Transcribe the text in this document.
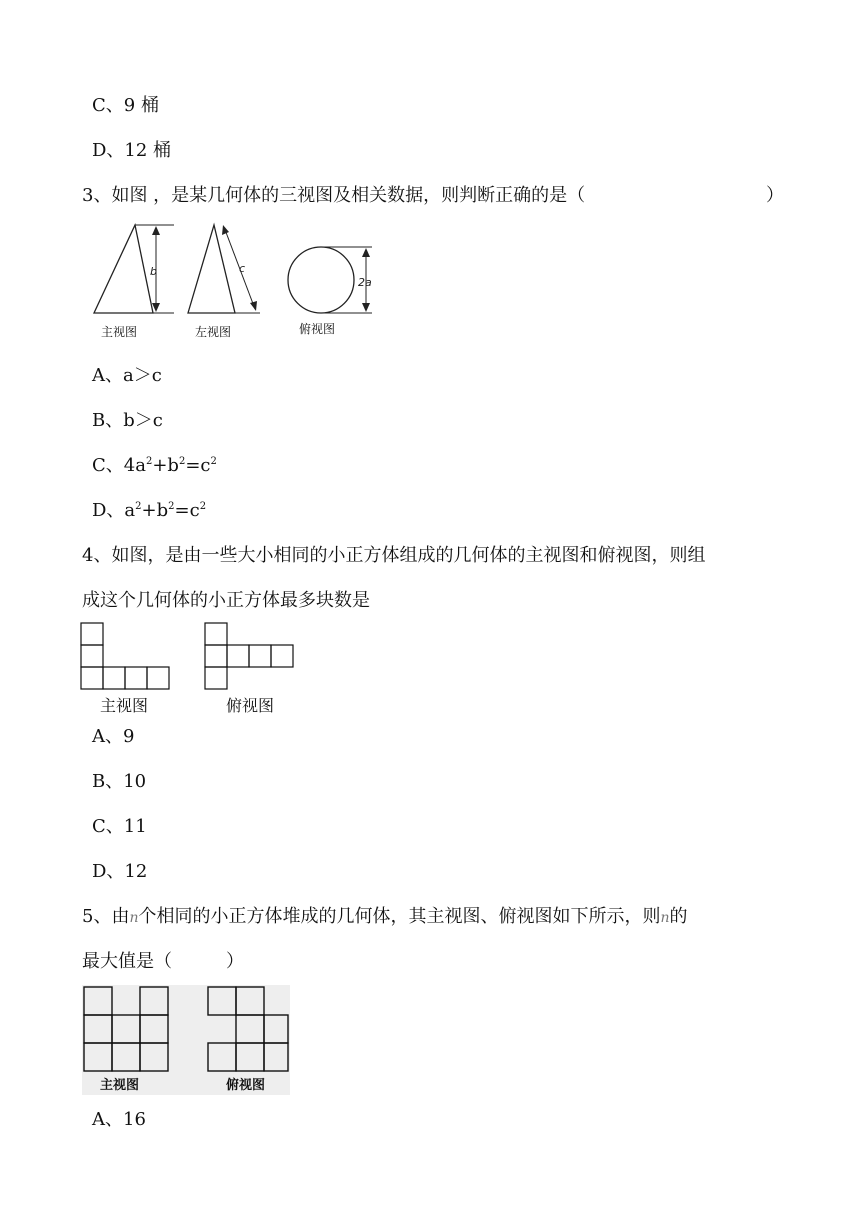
C、9 桶
D、12 桶
3、如图 ，是某几何体的三视图及相关数据，则判断正确的是（	）
b	c
2a
主视图	左视图	俯视图
A、a＞c
B、b＞c
C、$4a^2+b^2=c^2$
D、$a^2+b^2=c^2$
4、如图，是由一些大小相同的小正方体组成的几何体的主视图和俯视图，则组
成这个几何体的小正方体最多块数是
主视图	俯视图
A、9
B、10
C、11
D、12
5、由n个相同的小正方体堆成的几何体，其主视图、俯视图如下所示，则n的
最大值是（　　　）
主视图	俯视图
A、16
